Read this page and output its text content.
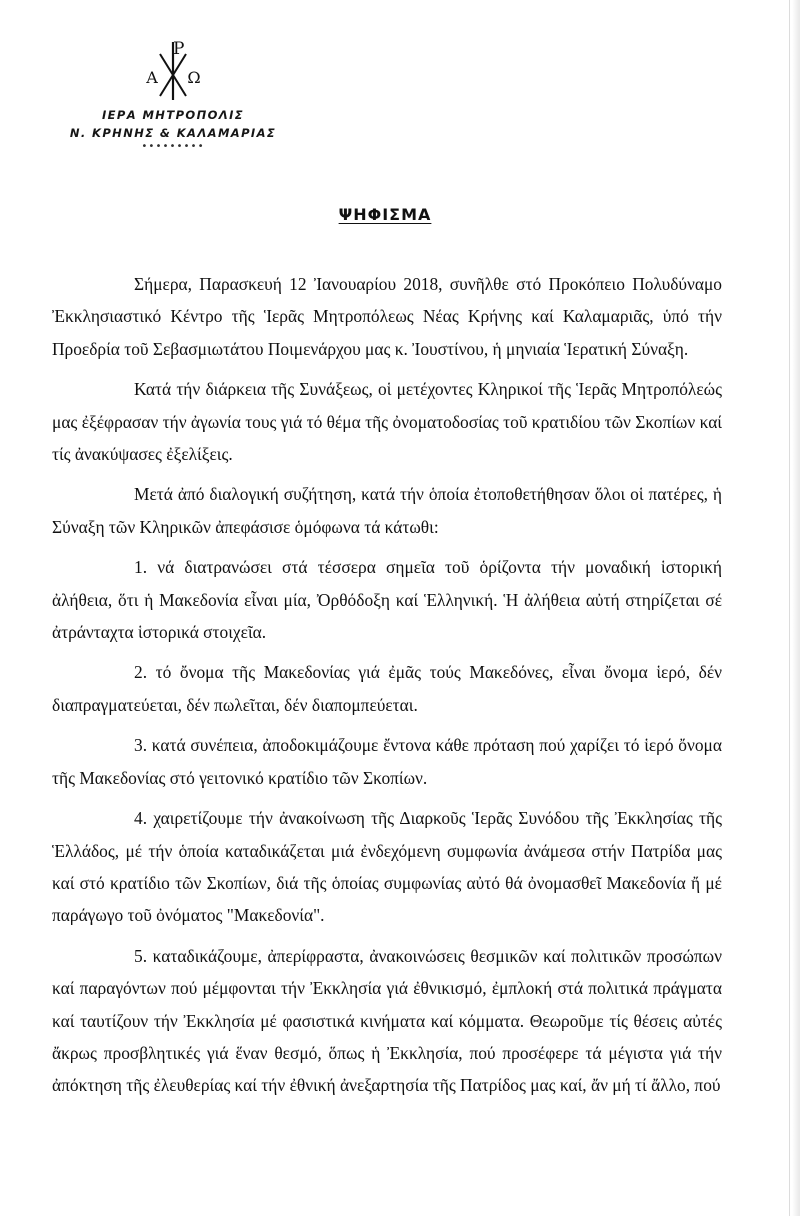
Ρ
Α Ω
ΙΕΡΑ ΜΗΤΡΟΠΟΛΙΣ
Ν. ΚΡΗΝΗΣ & ΚΑΛΑΜΑΡΙΑΣ
•••••••••
ΨΗΦΙΣΜΑ

Σήμερα, Παρασκευή 12 Ἰανουαρίου 2018, συνῆλθε στό Προκόπειο Πολυδύναμο Ἐκκλησιαστικό Κέντρο τῆς Ἱερᾶς Μητροπόλεως Νέας Κρήνης καί Καλαμαριᾶς, ὑπό τήν Προεδρία τοῦ Σεβασμιωτάτου Ποιμενάρχου μας κ. Ἰουστίνου, ἡ μηνιαία Ἱερατική Σύναξη.

Κατά τήν διάρκεια τῆς Συνάξεως, οἱ μετέχοντες Κληρικοί τῆς Ἱερᾶς Μητροπόλεώς μας ἐξέφρασαν τήν ἀγωνία τους γιά τό θέμα τῆς ὀνοματοδοσίας τοῦ κρατιδίου τῶν Σκοπίων καί τίς ἀνακύψασες ἐξελίξεις.

Μετά ἀπό διαλογική συζήτηση, κατά τήν ὁποία ἐτοποθετήθησαν ὅλοι οἱ πατέρες, ἡ Σύναξη τῶν Κληρικῶν ἀπεφάσισε ὁμόφωνα τά κάτωθι:

1. νά διατρανώσει στά τέσσερα σημεῖα τοῦ ὁρίζοντα τήν μοναδική ἱστορική ἀλήθεια, ὅτι ἡ Μακεδονία εἶναι μία, Ὀρθόδοξη καί Ἑλληνική. Ἡ ἀλήθεια αὐτή στηρίζεται σέ ἀτράνταχτα ἱστορικά στοιχεῖα.

2. τό ὄνομα τῆς Μακεδονίας γιά ἐμᾶς τούς Μακεδόνες, εἶναι ὄνομα ἱερό, δέν διαπραγματεύεται, δέν πωλεῖται, δέν διαπομπεύεται.

3. κατά συνέπεια, ἀποδοκιμάζουμε ἔντονα κάθε πρόταση πού χαρίζει τό ἱερό ὄνομα τῆς Μακεδονίας στό γειτονικό κρατίδιο τῶν Σκοπίων.

4. χαιρετίζουμε τήν ἀνακοίνωση τῆς Διαρκοῦς Ἱερᾶς Συνόδου τῆς Ἐκκλησίας τῆς Ἑλλάδος, μέ τήν ὁποία καταδικάζεται μιά ἐνδεχόμενη συμφωνία ἀνάμεσα στήν Πατρίδα μας καί στό κρατίδιο τῶν Σκοπίων, διά τῆς ὁποίας συμφωνίας αὐτό θά ὀνομασθεῖ Μακεδονία ἤ μέ παράγωγο τοῦ ὀνόματος "Μακεδονία".

5. καταδικάζουμε, ἀπερίφραστα, ἀνακοινώσεις θεσμικῶν καί πολιτικῶν προσώπων καί παραγόντων πού μέμφονται τήν Ἐκκλησία γιά ἐθνικισμό, ἐμπλοκή στά πολιτικά πράγματα καί ταυτίζουν τήν Ἐκκλησία μέ φασιστικά κινήματα καί κόμματα. Θεωροῦμε τίς θέσεις αὐτές ἄκρως προσβλητικές γιά ἕναν θεσμό, ὅπως ἡ Ἐκκλησία, πού προσέφερε τά μέγιστα γιά τήν ἀπόκτηση τῆς ἐλευθερίας καί τήν ἐθνική ἀνεξαρτησία τῆς Πατρίδος μας καί, ἄν μή τί ἄλλο, πού
